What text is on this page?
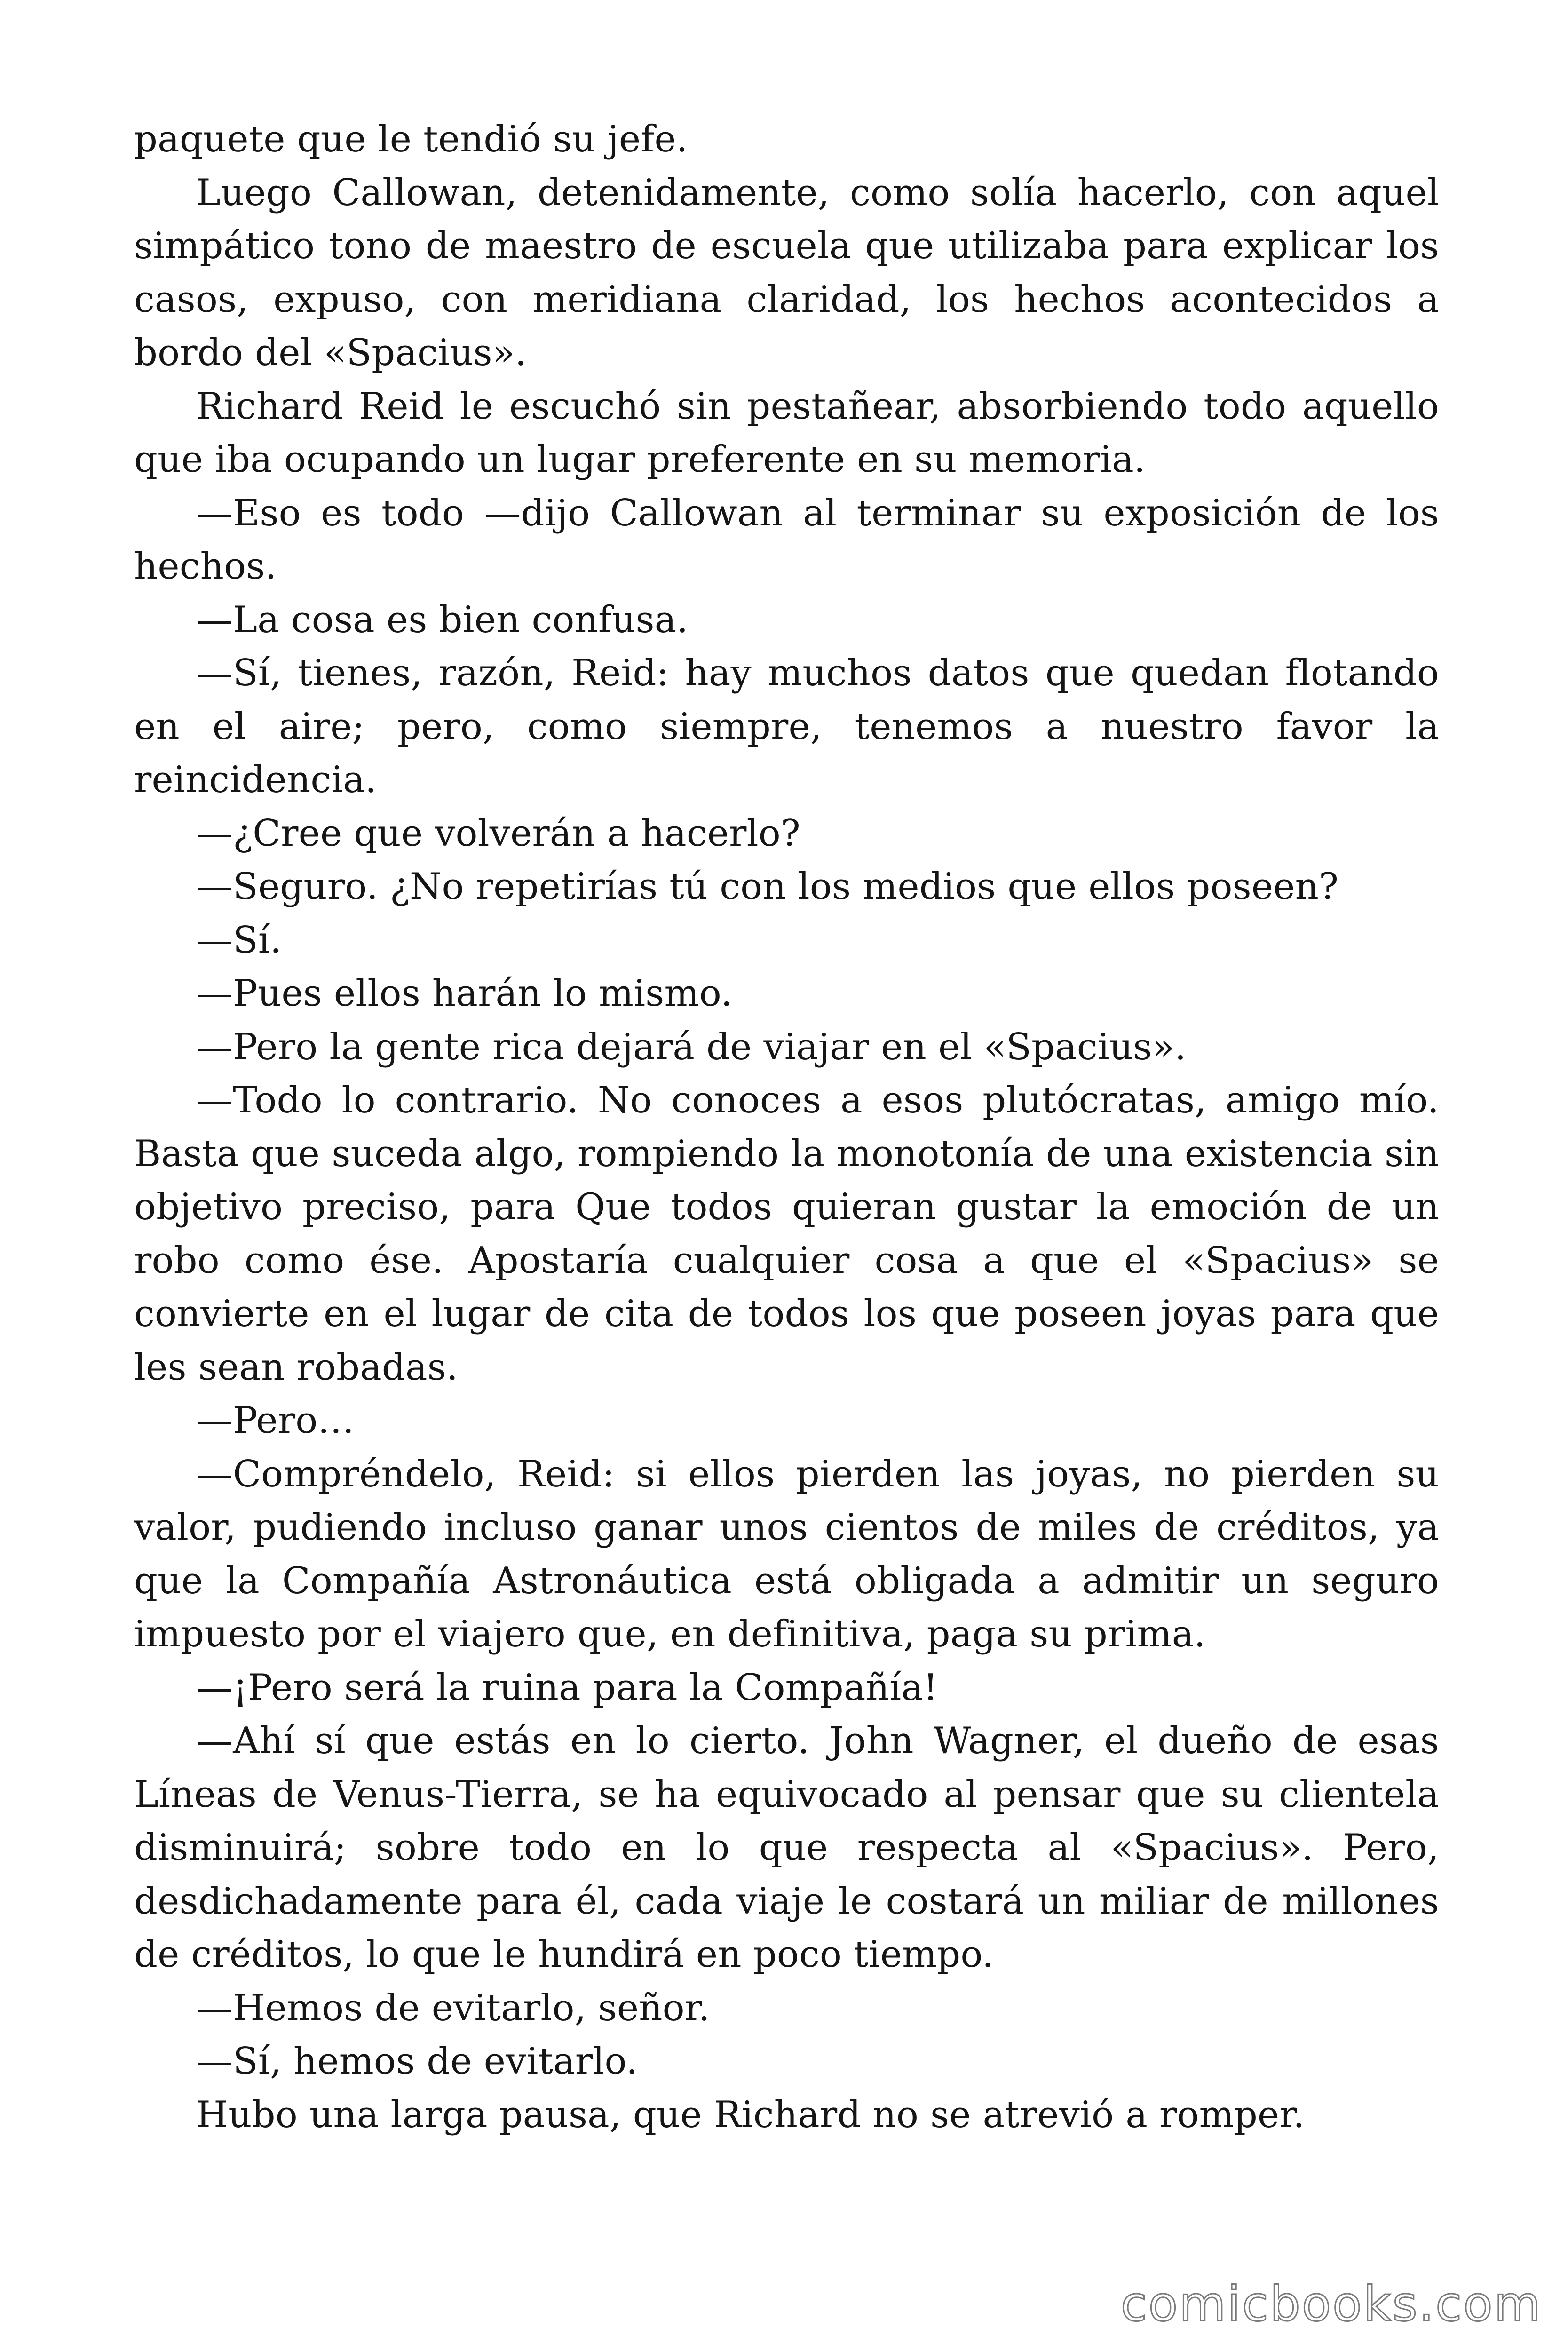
paquete que le tendió su jefe.

Luego Callowan, detenidamente, como solía hacerlo, con aquel simpático tono de maestro de escuela que utilizaba para explicar los casos, expuso, con meridiana claridad, los hechos acontecidos a bordo del «Spacius».

Richard Reid le escuchó sin pestañear, absorbiendo todo aquello que iba ocupando un lugar preferente en su memoria.

—Eso es todo —dijo Callowan al terminar su exposición de los hechos.

—La cosa es bien confusa.

—Sí, tienes, razón, Reid: hay muchos datos que quedan flotando en el aire; pero, como siempre, tenemos a nuestro favor la reincidencia.

—¿Cree que volverán a hacerlo?

—Seguro. ¿No repetirías tú con los medios que ellos poseen?

—Sí.

—Pues ellos harán lo mismo.

—Pero la gente rica dejará de viajar en el «Spacius».

—Todo lo contrario. No conoces a esos plutócratas, amigo mío. Basta que suceda algo, rompiendo la monotonía de una existencia sin objetivo preciso, para Que todos quieran gustar la emoción de un robo como ése. Apostaría cualquier cosa a que el «Spacius» se convierte en el lugar de cita de todos los que poseen joyas para que les sean robadas.

—Pero…

—Compréndelo, Reid: si ellos pierden las joyas, no pierden su valor, pudiendo incluso ganar unos cientos de miles de créditos, ya que la Compañía Astronáutica está obligada a admitir un seguro impuesto por el viajero que, en definitiva, paga su prima.

—¡Pero será la ruina para la Compañía!

—Ahí sí que estás en lo cierto. John Wagner, el dueño de esas Líneas de Venus-Tierra, se ha equivocado al pensar que su clientela disminuirá; sobre todo en lo que respecta al «Spacius». Pero, desdichadamente para él, cada viaje le costará un miliar de millones de créditos, lo que le hundirá en poco tiempo.

—Hemos de evitarlo, señor.

—Sí, hemos de evitarlo.

Hubo una larga pausa, que Richard no se atrevió a romper.

comicbooks.com
